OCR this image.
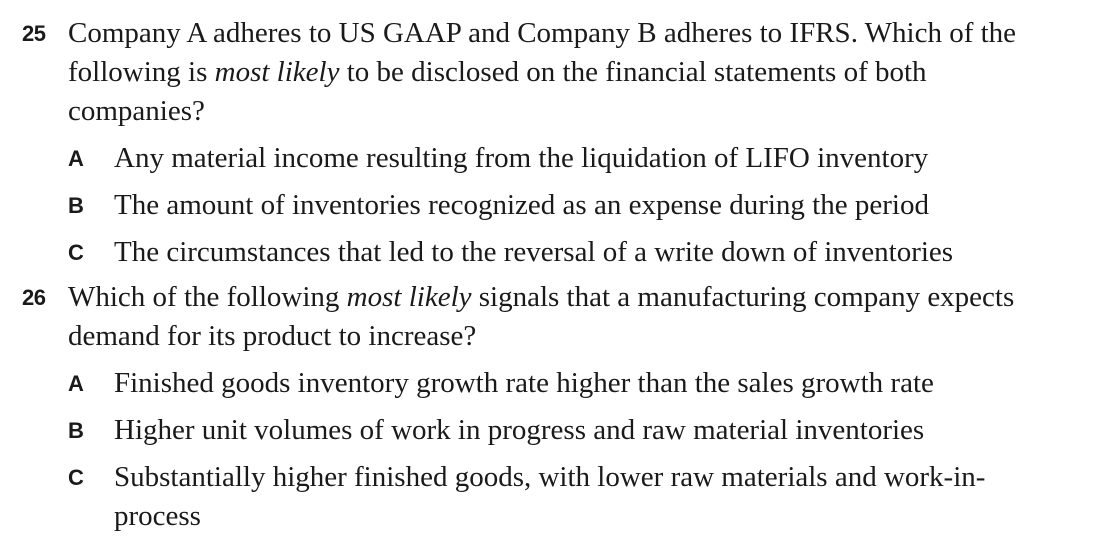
25 Company A adheres to US GAAP and Company B adheres to IFRS. Which of the following is most likely to be disclosed on the financial statements of both companies?

A	Any material income resulting from the liquidation of LIFO inventory
B	The amount of inventories recognized as an expense during the period
C	The circumstances that led to the reversal of a write down of inventories
26 Which of the following most likely signals that a manufacturing company expects demand for its product to increase?

A	Finished goods inventory growth rate higher than the sales growth rate
B	Higher unit volumes of work in progress and raw material inventories
C	Substantially higher finished goods, with lower raw materials and work-in-process
